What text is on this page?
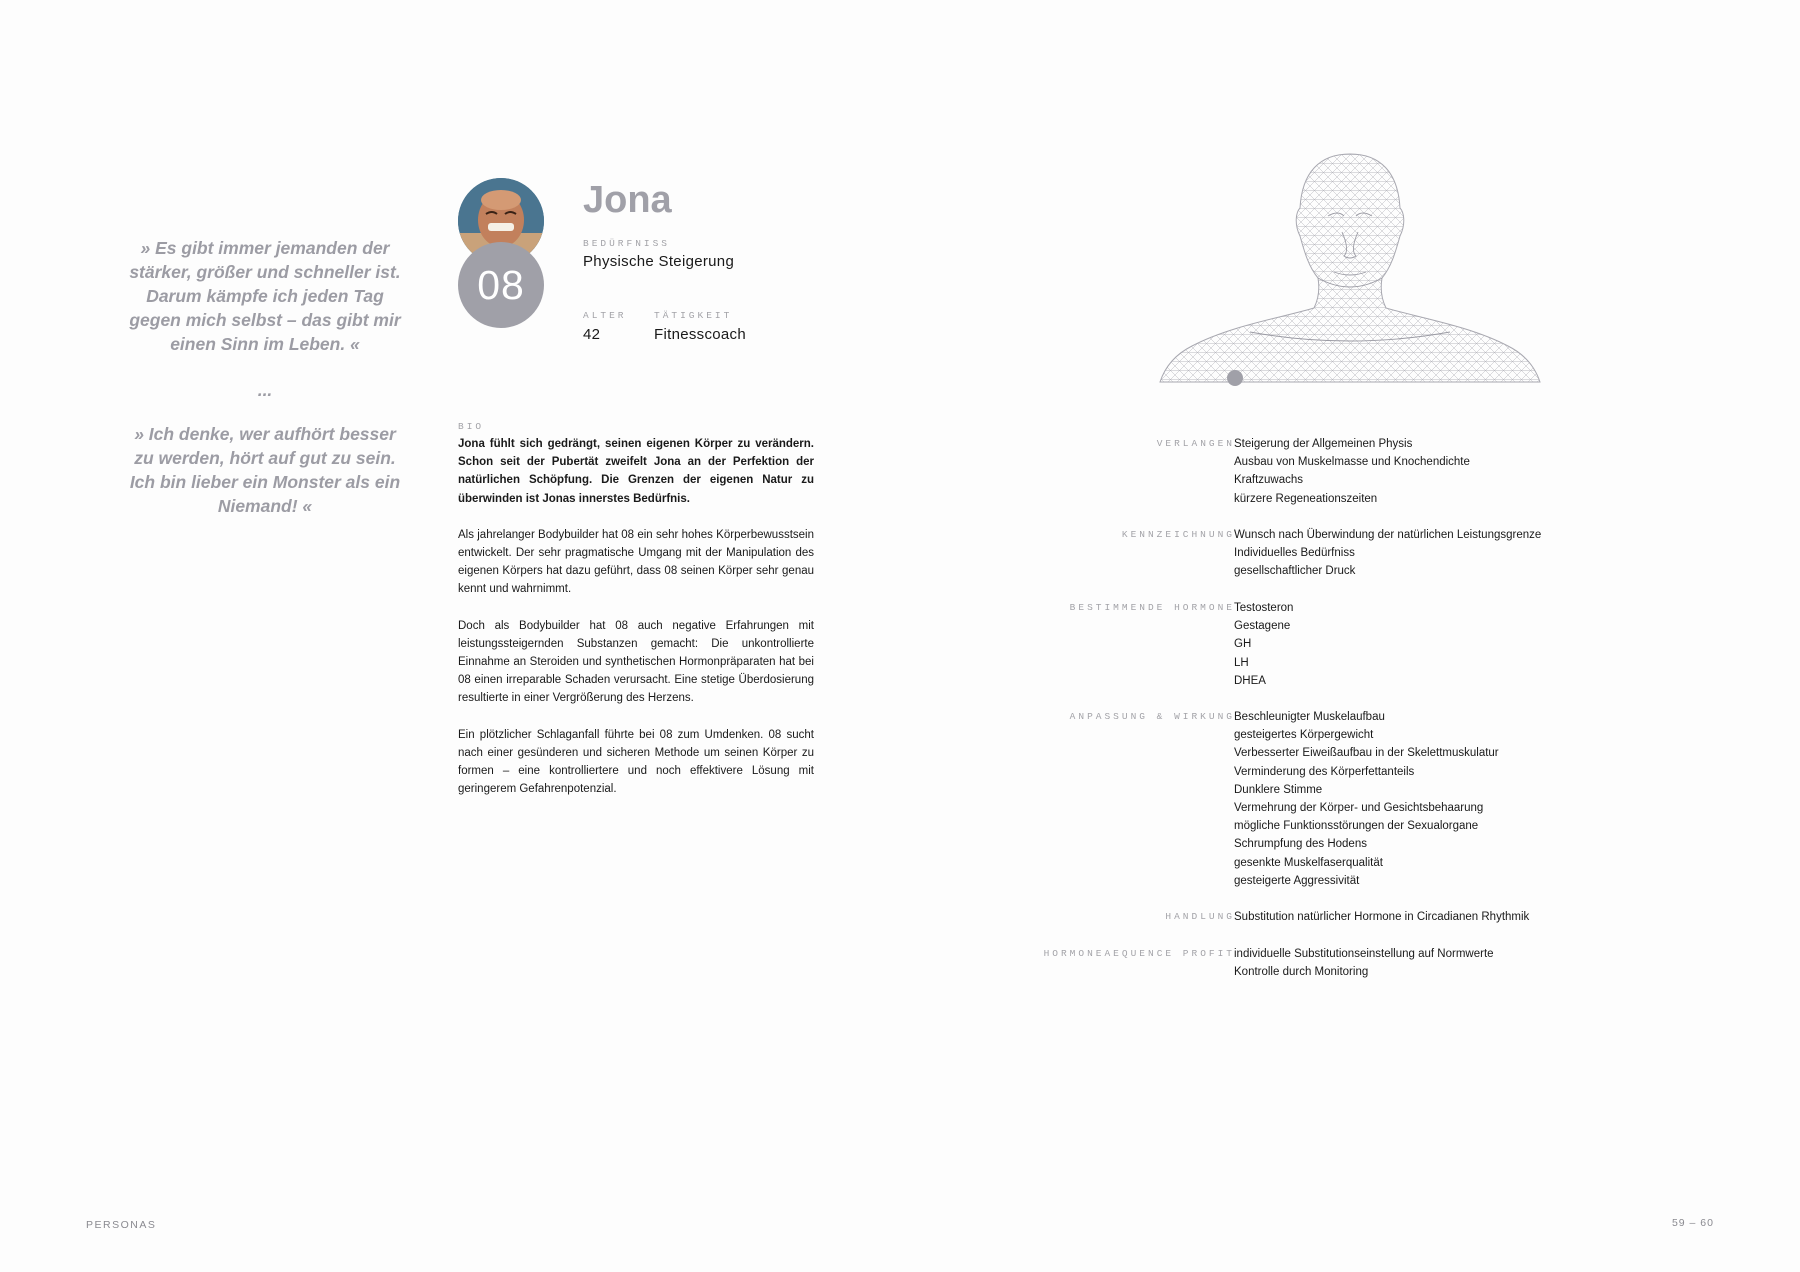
» Es gibt immer jemanden der stärker, größer und schneller ist. Darum kämpfe ich jeden Tag gegen mich selbst – das gibt mir einen Sinn im Leben. «

...

» Ich denke, wer aufhört besser zu werden, hört auf gut zu sein. Ich bin lieber ein Monster als ein Niemand! «

08
Jona
BEDÜRFNISS
Physische Steigerung
ALTER
42
TÄTIGKEIT
Fitnesscoach
BIO

Jona fühlt sich gedrängt, seinen eigenen Körper zu verändern. Schon seit der Pubertät zweifelt Jona an der Perfektion der natürlichen Schöpfung. Die Grenzen der eigenen Natur zu überwinden ist Jonas innerstes Bedürfnis.

Als jahrelanger Bodybuilder hat 08 ein sehr hohes Körperbewusstsein entwickelt. Der sehr pragmatische Umgang mit der Manipulation des eigenen Körpers hat dazu geführt, dass 08 seinen Körper sehr genau kennt und wahrnimmt.

Doch als Bodybuilder hat 08 auch negative Erfahrungen mit leistungssteigernden Substanzen gemacht: Die unkontrollierte Einnahme an Steroiden und synthetischen Hormonpräparaten hat bei 08 einen irreparable Schaden verursacht. Eine stetige Überdosierung resultierte in einer Vergrößerung des Herzens.

Ein plötzlicher Schlaganfall führte bei 08 zum Umdenken. 08 sucht nach einer gesünderen und sicheren Methode um seinen Körper zu formen – eine kontrolliertere und noch effektivere Lösung mit geringerem Gefahrenpotenzial.

VERLANGEN Steigerung der Allgemeinen Physis
Ausbau von Muskelmasse und Knochendichte
Kraftzuwachs
kürzere Regeneationszeiten
KENNZEICHNUNG Wunsch nach Überwindung der natürlichen Leistungsgrenze
Individuelles Bedürfniss
gesellschaftlicher Druck
BESTIMMENDE HORMONE Testosteron
Gestagene
GH
LH
DHEA
ANPASSUNG & WIRKUNG Beschleunigter Muskelaufbau
gesteigertes Körpergewicht
Verbesserter Eiweißaufbau in der Skelettmuskulatur
Verminderung des Körperfettanteils
Dunklere Stimme
Vermehrung der Körper- und Gesichtsbehaarung
mögliche Funktionsstörungen der Sexualorgane
Schrumpfung des Hodens
gesenkte Muskelfaserqualität
gesteigerte Aggressivität
HANDLUNG Substitution natürlicher Hormone in Circadianen Rhythmik
HORMONEAEQUENCE PROFIT individuelle Substitutionseinstellung auf Normwerte
Kontrolle durch Monitoring
PERSONAS	59 – 60
